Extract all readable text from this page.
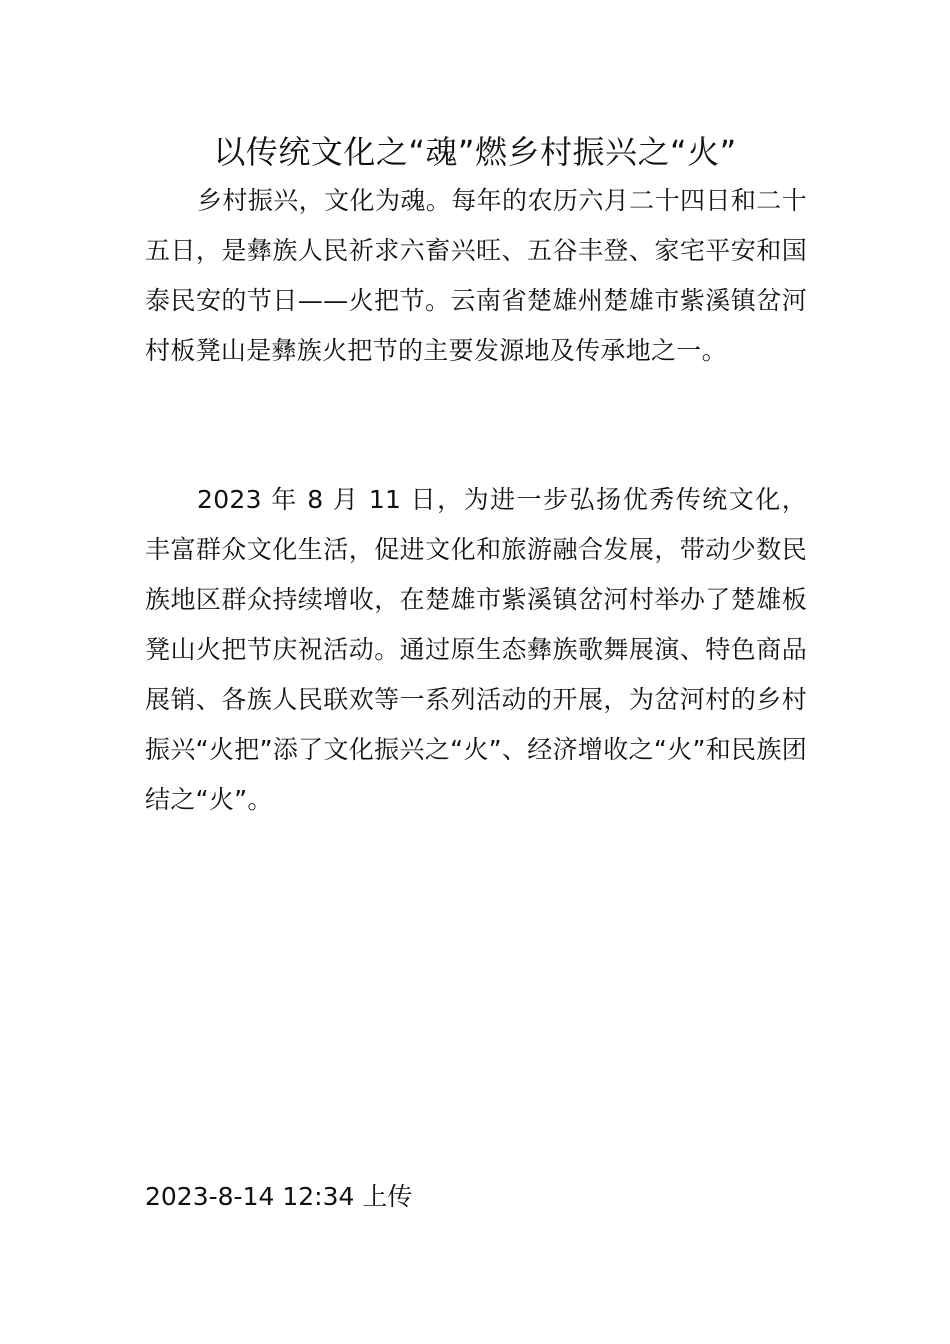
以传统文化之“魂”燃乡村振兴之“火”

乡村振兴，文化为魂。每年的农历六月二十四日和二十五日，是彝族人民祈求六畜兴旺、五谷丰登、家宅平安和国泰民安的节日——火把节。云南省楚雄州楚雄市紫溪镇岔河村板凳山是彝族火把节的主要发源地及传承地之一。

2023 年 8 月 11 日，为进一步弘扬优秀传统文化，丰富群众文化生活，促进文化和旅游融合发展，带动少数民族地区群众持续增收，在楚雄市紫溪镇岔河村举办了楚雄板凳山火把节庆祝活动。通过原生态彝族歌舞展演、特色商品展销、各族人民联欢等一系列活动的开展，为岔河村的乡村振兴“火把”添了文化振兴之“火”、经济增收之“火”和民族团结之“火”。

2023-8-14 12:34 上传
